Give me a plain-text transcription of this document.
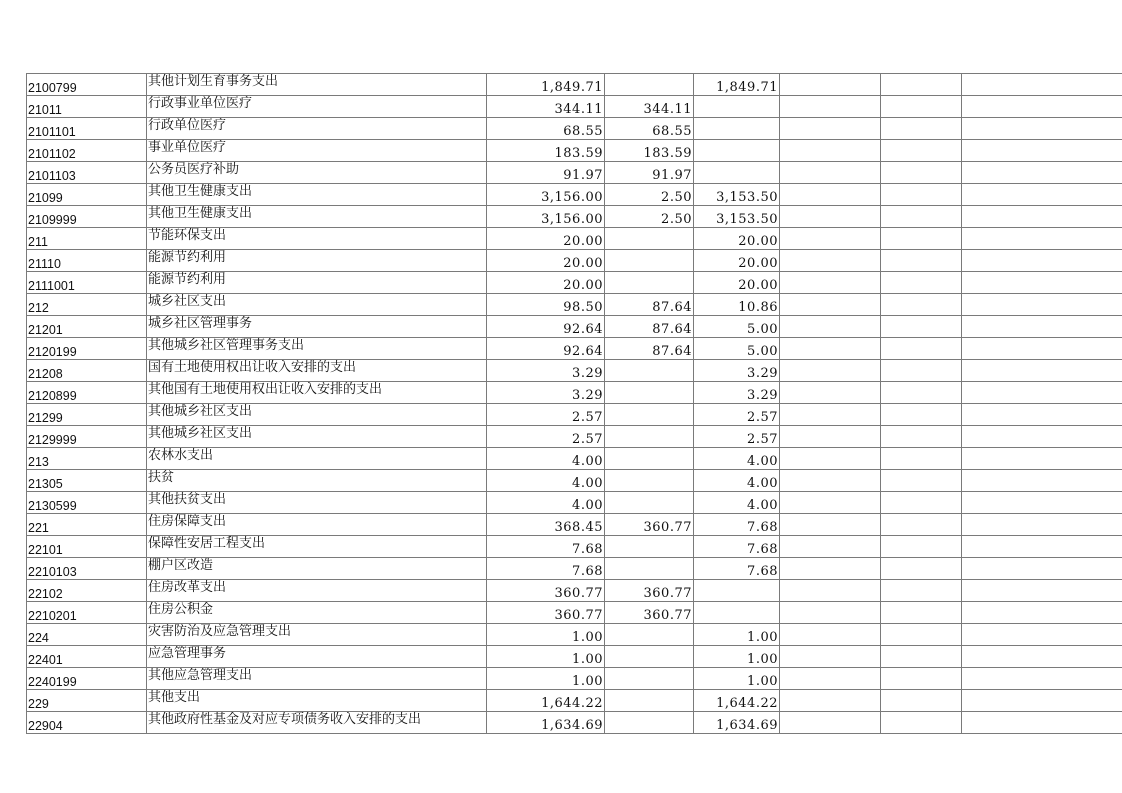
2100799	其他计划生育事务支出	1,849.71		1,849.71			
21011	行政事业单位医疗	344.11	344.11				
2101101	行政单位医疗	68.55	68.55				
2101102	事业单位医疗	183.59	183.59				
2101103	公务员医疗补助	91.97	91.97				
21099	其他卫生健康支出	3,156.00	2.50	3,153.50			
2109999	其他卫生健康支出	3,156.00	2.50	3,153.50			
211	节能环保支出	20.00		20.00			
21110	能源节约利用	20.00		20.00			
2111001	能源节约利用	20.00		20.00			
212	城乡社区支出	98.50	87.64	10.86			
21201	城乡社区管理事务	92.64	87.64	5.00			
2120199	其他城乡社区管理事务支出	92.64	87.64	5.00			
21208	国有土地使用权出让收入安排的支出	3.29		3.29			
2120899	其他国有土地使用权出让收入安排的支出	3.29		3.29			
21299	其他城乡社区支出	2.57		2.57			
2129999	其他城乡社区支出	2.57		2.57			
213	农林水支出	4.00		4.00			
21305	扶贫	4.00		4.00			
2130599	其他扶贫支出	4.00		4.00			
221	住房保障支出	368.45	360.77	7.68			
22101	保障性安居工程支出	7.68		7.68			
2210103	棚户区改造	7.68		7.68			
22102	住房改革支出	360.77	360.77				
2210201	住房公积金	360.77	360.77				
224	灾害防治及应急管理支出	1.00		1.00			
22401	应急管理事务	1.00		1.00			
2240199	其他应急管理支出	1.00		1.00			
229	其他支出	1,644.22		1,644.22			
22904	其他政府性基金及对应专项债务收入安排的支出	1,634.69		1,634.69			
